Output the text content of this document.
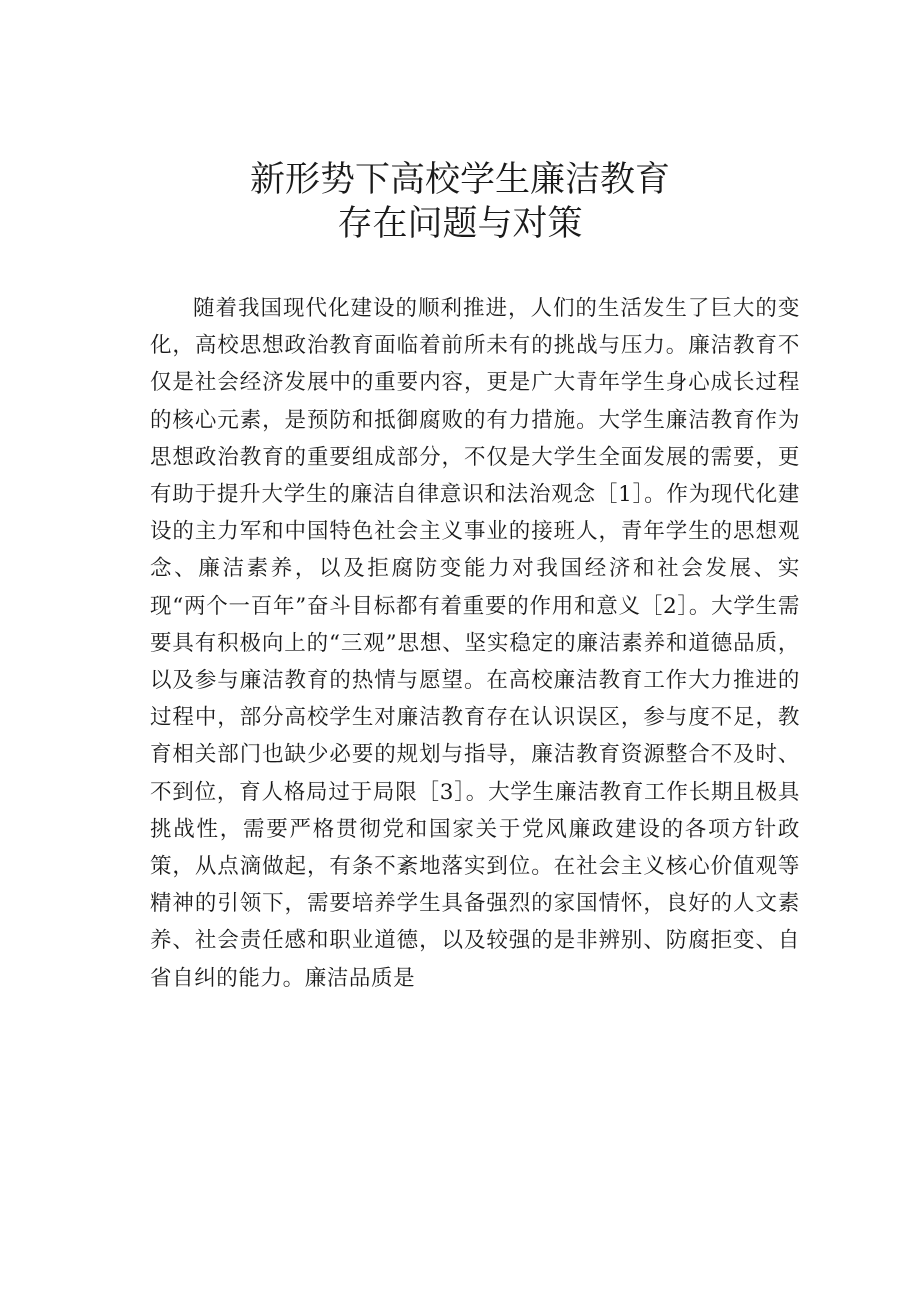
新形势下高校学生廉洁教育
存在问题与对策

随着我国现代化建设的顺利推进，人们的生活发生了巨大的变化，高校思想政治教育面临着前所未有的挑战与压力。廉洁教育不仅是社会经济发展中的重要内容，更是广大青年学生身心成长过程的核心元素，是预防和抵御腐败的有力措施。大学生廉洁教育作为思想政治教育的重要组成部分，不仅是大学生全面发展的需要，更有助于提升大学生的廉洁自律意识和法治观念［1］。作为现代化建设的主力军和中国特色社会主义事业的接班人，青年学生的思想观念、廉洁素养，以及拒腐防变能力对我国经济和社会发展、实现“两个一百年”奋斗目标都有着重要的作用和意义［2］。大学生需要具有积极向上的“三观”思想、坚实稳定的廉洁素养和道德品质，以及参与廉洁教育的热情与愿望。在高校廉洁教育工作大力推进的过程中，部分高校学生对廉洁教育存在认识误区，参与度不足，教育相关部门也缺少必要的规划与指导，廉洁教育资源整合不及时、不到位，育人格局过于局限［3］。大学生廉洁教育工作长期且极具挑战性，需要严格贯彻党和国家关于党风廉政建设的各项方针政策，从点滴做起，有条不紊地落实到位。在社会主义核心价值观等精神的引领下，需要培养学生具备强烈的家国情怀，良好的人文素养、社会责任感和职业道德，以及较强的是非辨别、防腐拒变、自省自纠的能力。廉洁品质是
